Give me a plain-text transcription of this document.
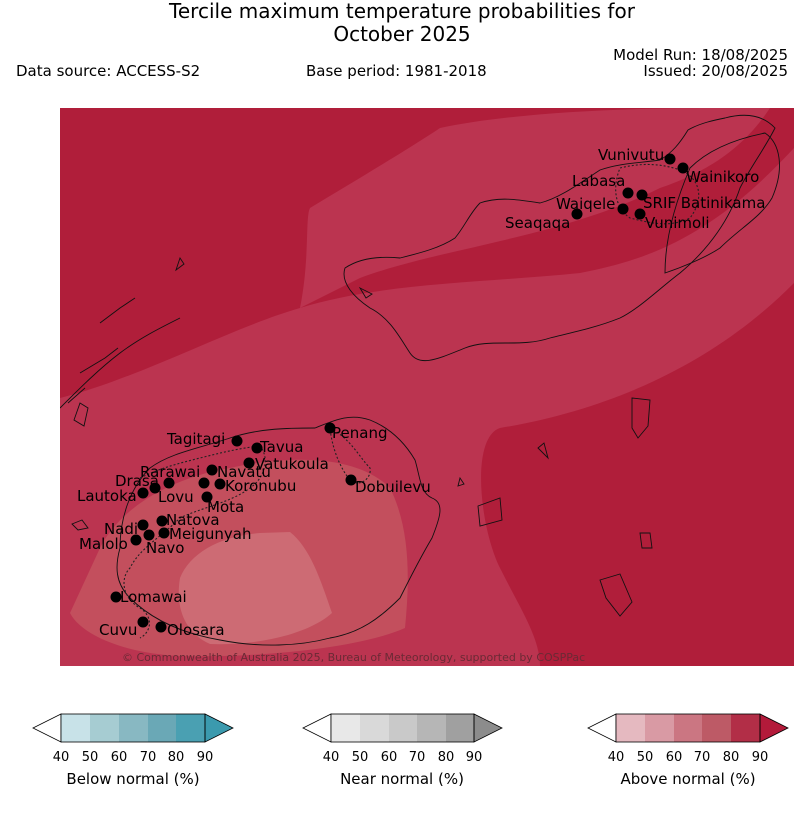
Tercile maximum temperature probabilities for
October 2025
Data source: ACCESS-S2	Base period: 1981-2018
Model Run: 18/08/2025
Issued: 20/08/2025
© Commonwealth of Australia 2025, Bureau of Meteorology, supported by COSPPac
Vunivutu
Wainikoro
Labasa
Waiqele SRIF Batinikama
Seaqaqa	Vunimoli
Penang
Tagitagi Tavua
Vatukoula
Rarawai Navatu
Drasa	Koronubu
Lautoka Lovu
Mota
Dobuilevu
Natova
Nadi Meigunyah
Malolo Navo
Lomawai
Cuvu Olosara
40 50 60 70 80 90
Below normal (%)
40 50 60 70 80 90
Near normal (%)
40 50 60 70 80 90
Above normal (%)
